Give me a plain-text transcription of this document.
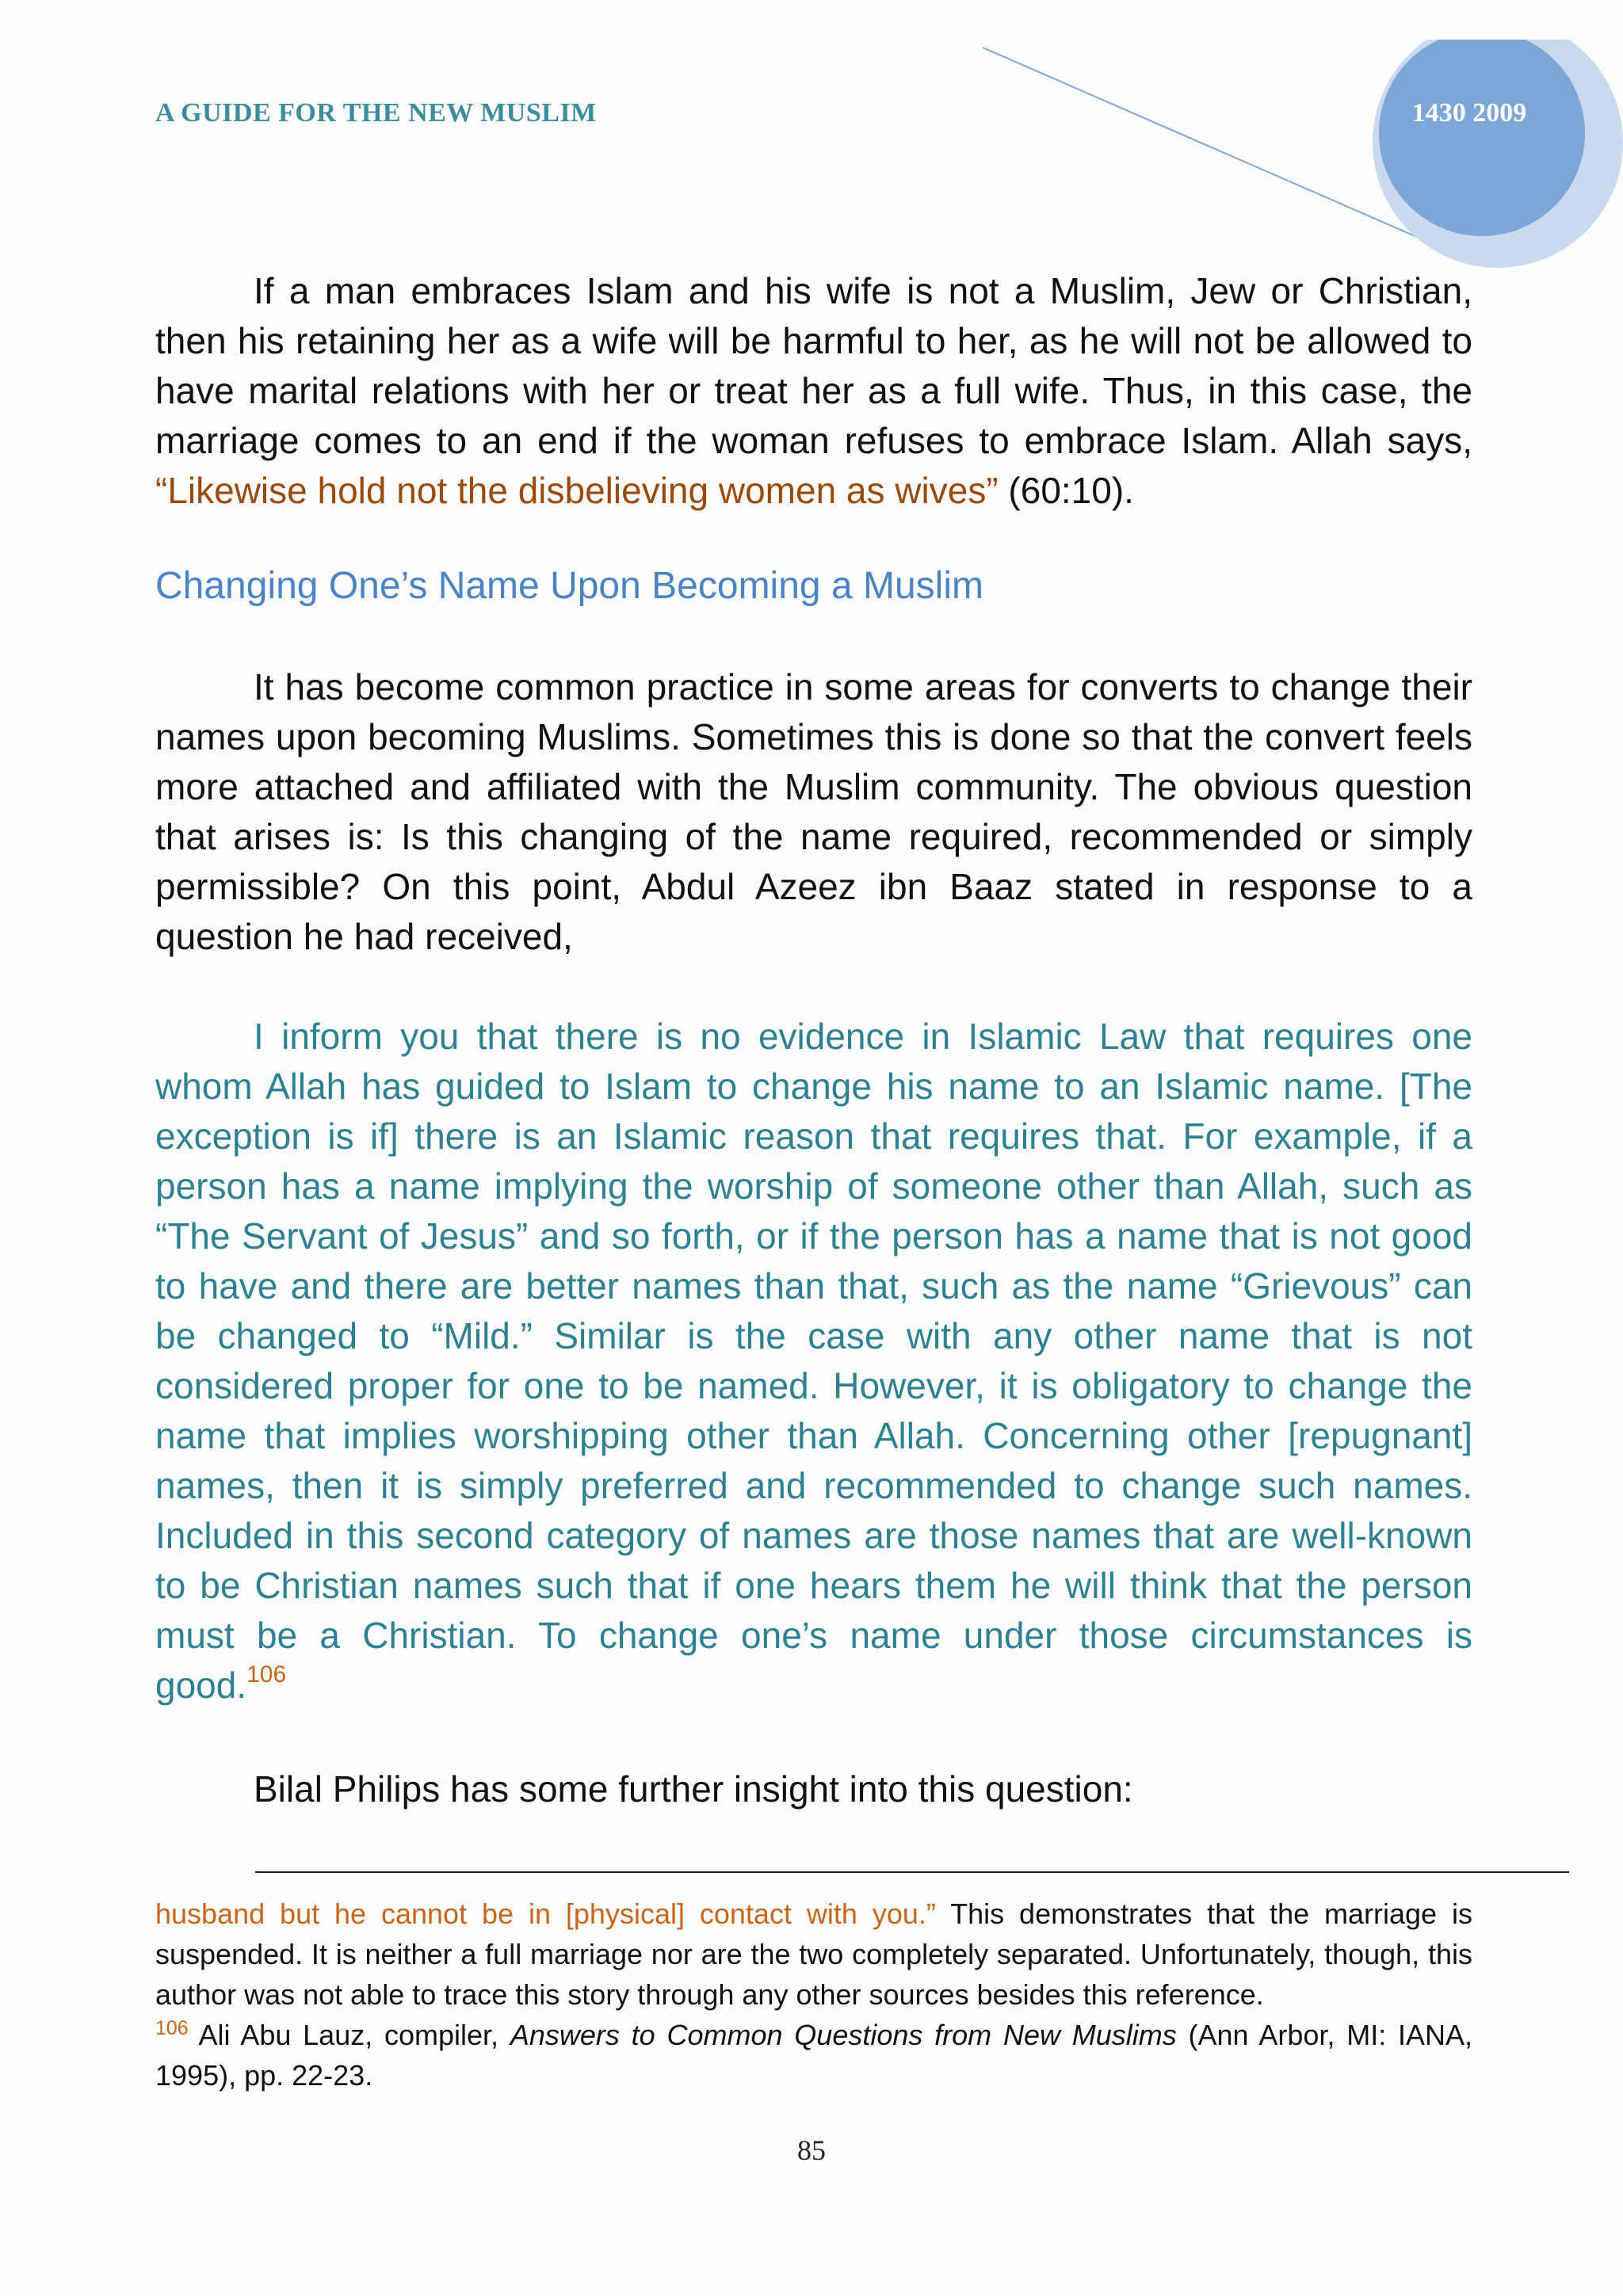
A GUIDE FOR THE NEW MUSLIM	1430 2009

If a man embraces Islam and his wife is not a Muslim, Jew or Christian, then his retaining her as a wife will be harmful to her, as he will not be allowed to have marital relations with her or treat her as a full wife. Thus, in this case, the marriage comes to an end if the woman refuses to embrace Islam. Allah says, “Likewise hold not the disbelieving women as wives” (60:10).

Changing One’s Name Upon Becoming a Muslim

It has become common practice in some areas for converts to change their names upon becoming Muslims. Sometimes this is done so that the convert feels more attached and affiliated with the Muslim community. The obvious question that arises is: Is this changing of the name required, recommended or simply permissible? On this point, Abdul Azeez ibn Baaz stated in response to a question he had received,

I inform you that there is no evidence in Islamic Law that requires one whom Allah has guided to Islam to change his name to an Islamic name. [The exception is if] there is an Islamic reason that requires that. For example, if a person has a name implying the worship of someone other than Allah, such as “The Servant of Jesus” and so forth, or if the person has a name that is not good to have and there are better names than that, such as the name “Grievous” can be changed to “Mild.” Similar is the case with any other name that is not considered proper for one to be named. However, it is obligatory to change the name that implies worshipping other than Allah. Concerning other [repugnant] names, then it is simply preferred and recommended to change such names. Included in this second category of names are those names that are well-known to be Christian names such that if one hears them he will think that the person must be a Christian. To change one’s name under those circumstances is good.$^{106}$

Bilal Philips has some further insight into this question:

husband but he cannot be in [physical] contact with you.” This demonstrates that the marriage is suspended. It is neither a full marriage nor are the two completely separated. Unfortunately, though, this author was not able to trace this story through any other sources besides this reference.
$^{106}$ Ali Abu Lauz, compiler, Answers to Common Questions from New Muslims (Ann Arbor, MI: IANA, 1995), pp. 22-23.
85
